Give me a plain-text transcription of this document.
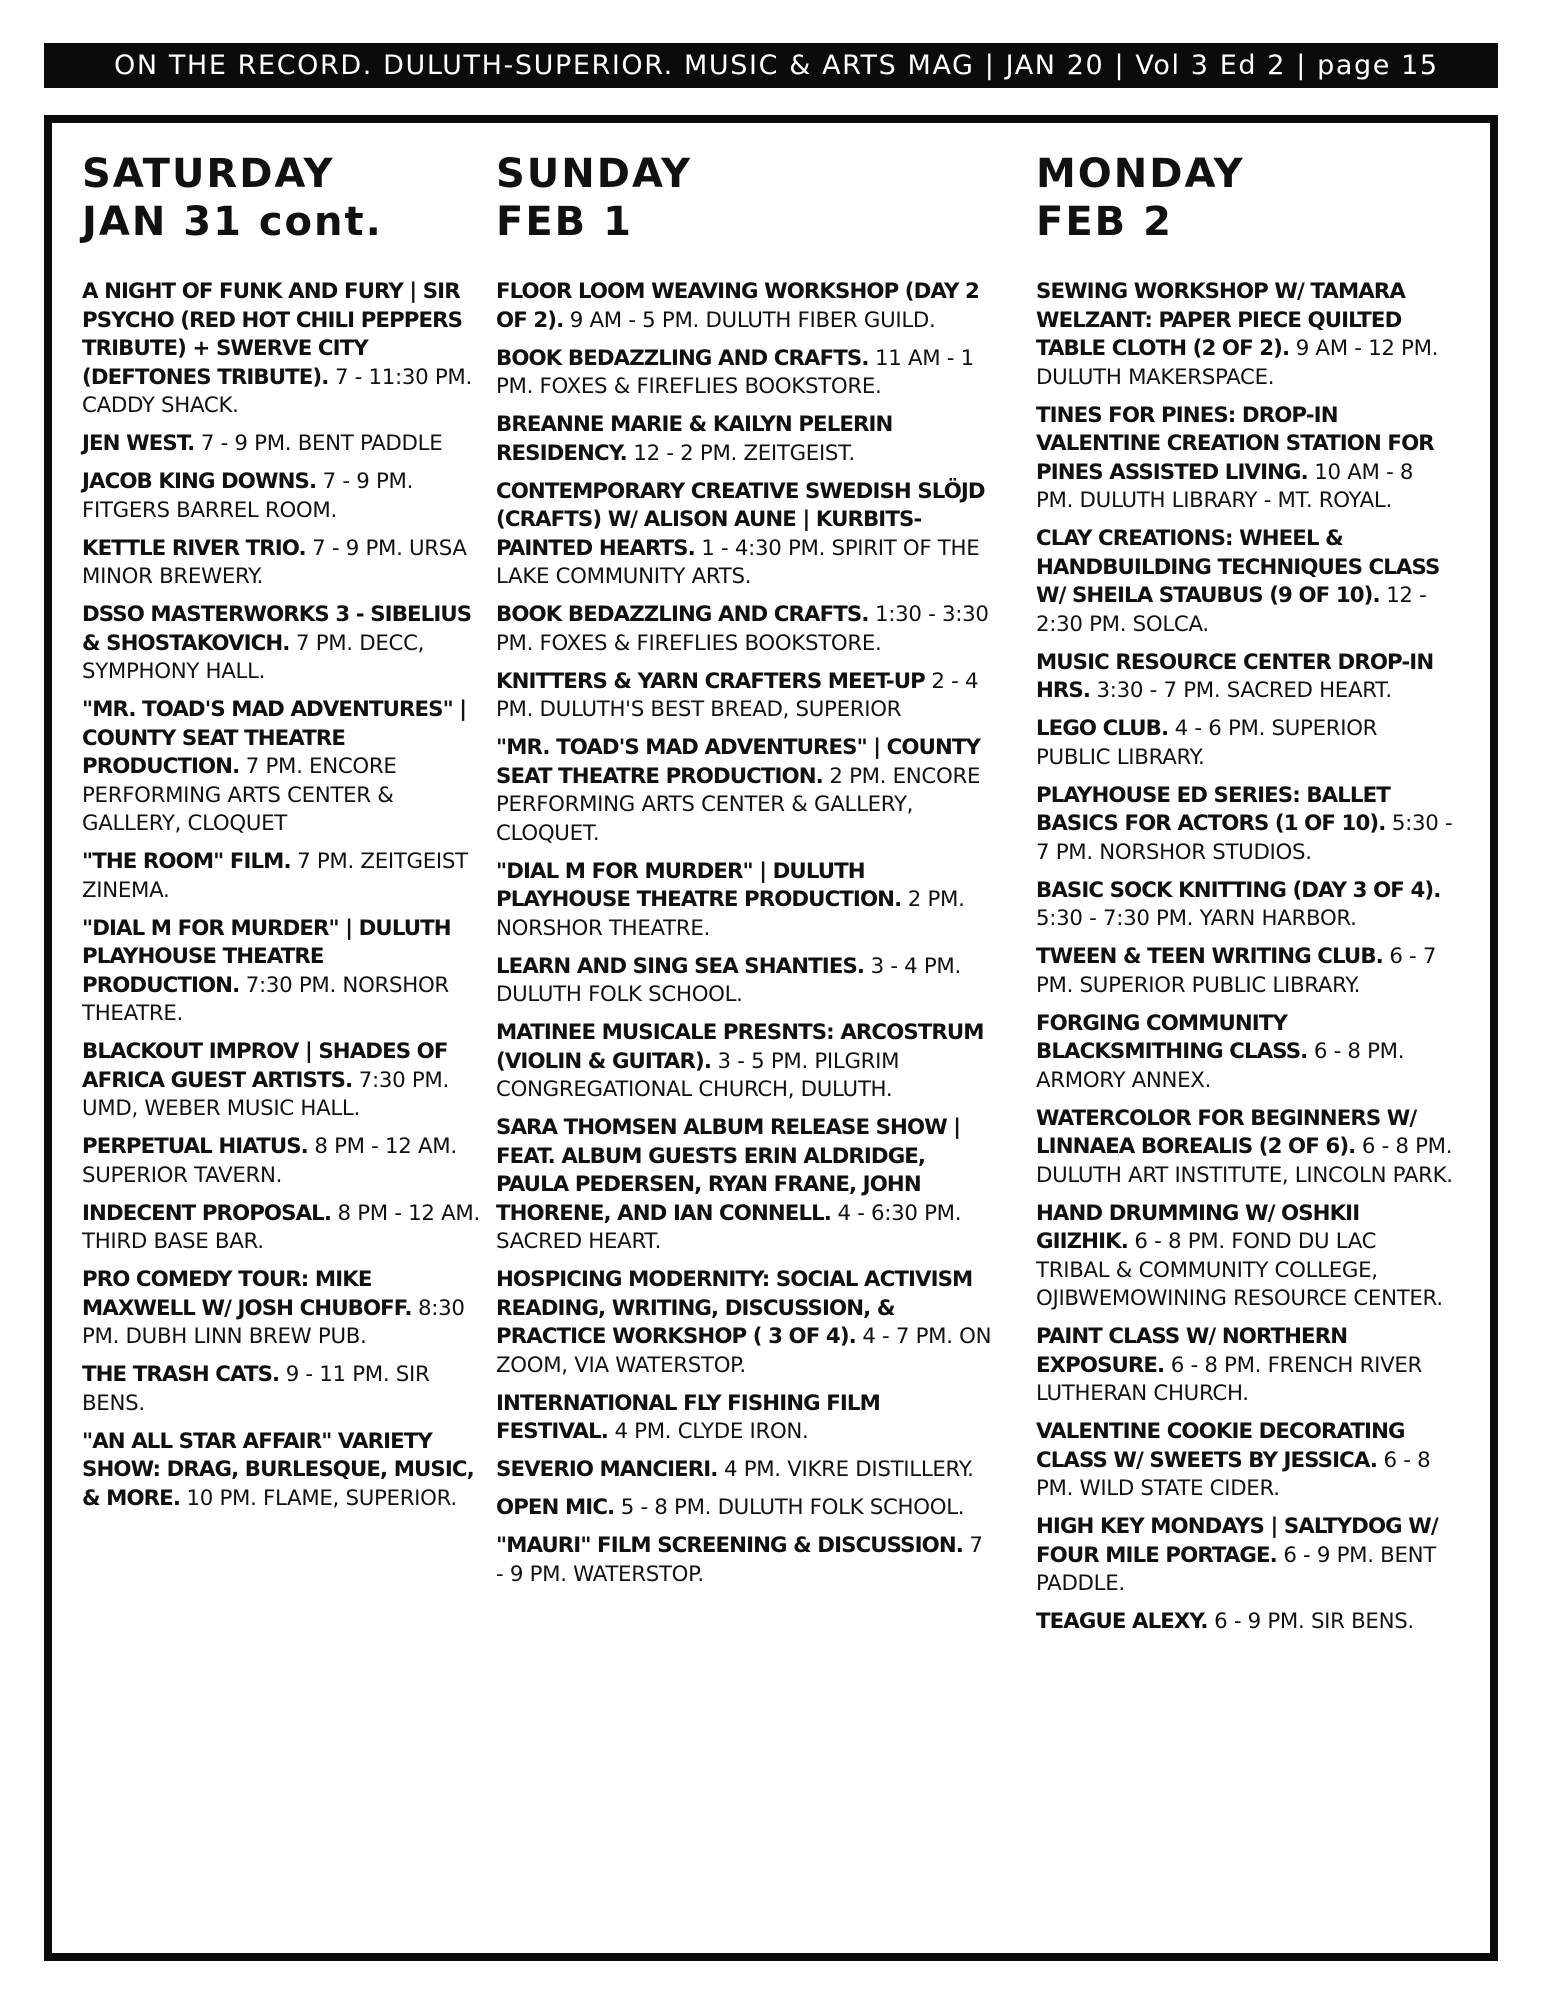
ON THE RECORD. DULUTH-SUPERIOR. MUSIC & ARTS MAG | JAN 20 | Vol 3 Ed 2 | page 15
SATURDAY
JAN 31 cont.

A NIGHT OF FUNK AND FURY | SIR PSYCHO (RED HOT CHILI PEPPERS TRIBUTE) + SWERVE CITY (DEFTONES TRIBUTE). 7 - 11:30 PM. CADDY SHACK.

JEN WEST. 7 - 9 PM. BENT PADDLE

JACOB KING DOWNS. 7 - 9 PM. FITGERS BARREL ROOM.

KETTLE RIVER TRIO. 7 - 9 PM. URSA MINOR BREWERY.

DSSO MASTERWORKS 3 - SIBELIUS & SHOSTAKOVICH. 7 PM. DECC, SYMPHONY HALL.

"MR. TOAD'S MAD ADVENTURES" | COUNTY SEAT THEATRE PRODUCTION. 7 PM. ENCORE PERFORMING ARTS CENTER & GALLERY, CLOQUET

"THE ROOM" FILM. 7 PM. ZEITGEIST ZINEMA.

"DIAL M FOR MURDER" | DULUTH PLAYHOUSE THEATRE PRODUCTION. 7:30 PM. NORSHOR THEATRE.

BLACKOUT IMPROV | SHADES OF AFRICA GUEST ARTISTS. 7:30 PM. UMD, WEBER MUSIC HALL.

PERPETUAL HIATUS. 8 PM - 12 AM. SUPERIOR TAVERN.

INDECENT PROPOSAL. 8 PM - 12 AM. THIRD BASE BAR.

PRO COMEDY TOUR: MIKE MAXWELL W/ JOSH CHUBOFF. 8:30 PM. DUBH LINN BREW PUB.

THE TRASH CATS. 9 - 11 PM. SIR BENS.

"AN ALL STAR AFFAIR" VARIETY SHOW: DRAG, BURLESQUE, MUSIC, & MORE. 10 PM. FLAME, SUPERIOR.

SUNDAY
FEB 1

FLOOR LOOM WEAVING WORKSHOP (DAY 2 OF 2). 9 AM - 5 PM. DULUTH FIBER GUILD.

BOOK BEDAZZLING AND CRAFTS. 11 AM - 1 PM. FOXES & FIREFLIES BOOKSTORE.

BREANNE MARIE & KAILYN PELERIN RESIDENCY. 12 - 2 PM. ZEITGEIST.

CONTEMPORARY CREATIVE SWEDISH SLÖJD (CRAFTS) W/ ALISON AUNE | KURBITS-PAINTED HEARTS. 1 - 4:30 PM. SPIRIT OF THE LAKE COMMUNITY ARTS.

BOOK BEDAZZLING AND CRAFTS. 1:30 - 3:30 PM. FOXES & FIREFLIES BOOKSTORE.

KNITTERS & YARN CRAFTERS MEET-UP 2 - 4 PM. DULUTH'S BEST BREAD, SUPERIOR

"MR. TOAD'S MAD ADVENTURES" | COUNTY SEAT THEATRE PRODUCTION. 2 PM. ENCORE PERFORMING ARTS CENTER & GALLERY, CLOQUET.

"DIAL M FOR MURDER" | DULUTH PLAYHOUSE THEATRE PRODUCTION. 2 PM. NORSHOR THEATRE.

LEARN AND SING SEA SHANTIES. 3 - 4 PM. DULUTH FOLK SCHOOL.

MATINEE MUSICALE PRESNTS: ARCOSTRUM (VIOLIN & GUITAR). 3 - 5 PM. PILGRIM CONGREGATIONAL CHURCH, DULUTH.

SARA THOMSEN ALBUM RELEASE SHOW | FEAT. ALBUM GUESTS ERIN ALDRIDGE, PAULA PEDERSEN, RYAN FRANE, JOHN THORENE, AND IAN CONNELL. 4 - 6:30 PM. SACRED HEART.

HOSPICING MODERNITY: SOCIAL ACTIVISM READING, WRITING, DISCUSSION, & PRACTICE WORKSHOP ( 3 OF 4). 4 - 7 PM. ON ZOOM, VIA WATERSTOP.

INTERNATIONAL FLY FISHING FILM FESTIVAL. 4 PM. CLYDE IRON.

SEVERIO MANCIERI. 4 PM. VIKRE DISTILLERY.

OPEN MIC. 5 - 8 PM. DULUTH FOLK SCHOOL.

"MAURI" FILM SCREENING & DISCUSSION. 7 - 9 PM. WATERSTOP.

MONDAY
FEB 2

SEWING WORKSHOP W/ TAMARA WELZANT: PAPER PIECE QUILTED TABLE CLOTH (2 OF 2). 9 AM - 12 PM. DULUTH MAKERSPACE.

TINES FOR PINES: DROP-IN VALENTINE CREATION STATION FOR PINES ASSISTED LIVING. 10 AM - 8 PM. DULUTH LIBRARY - MT. ROYAL.

CLAY CREATIONS: WHEEL & HANDBUILDING TECHNIQUES CLASS W/ SHEILA STAUBUS (9 OF 10). 12 - 2:30 PM. SOLCA.

MUSIC RESOURCE CENTER DROP-IN HRS. 3:30 - 7 PM. SACRED HEART.

LEGO CLUB. 4 - 6 PM. SUPERIOR PUBLIC LIBRARY.

PLAYHOUSE ED SERIES: BALLET BASICS FOR ACTORS (1 OF 10). 5:30 - 7 PM. NORSHOR STUDIOS.

BASIC SOCK KNITTING (DAY 3 OF 4). 5:30 - 7:30 PM. YARN HARBOR.

TWEEN & TEEN WRITING CLUB. 6 - 7 PM. SUPERIOR PUBLIC LIBRARY.

FORGING COMMUNITY BLACKSMITHING CLASS. 6 - 8 PM. ARMORY ANNEX.

WATERCOLOR FOR BEGINNERS W/ LINNAEA BOREALIS (2 OF 6). 6 - 8 PM. DULUTH ART INSTITUTE, LINCOLN PARK.

HAND DRUMMING W/ OSHKII GIIZHIK. 6 - 8 PM. FOND DU LAC TRIBAL & COMMUNITY COLLEGE, OJIBWEMOWINING RESOURCE CENTER.

PAINT CLASS W/ NORTHERN EXPOSURE. 6 - 8 PM. FRENCH RIVER LUTHERAN CHURCH.

VALENTINE COOKIE DECORATING CLASS W/ SWEETS BY JESSICA. 6 - 8 PM. WILD STATE CIDER.

HIGH KEY MONDAYS | SALTYDOG W/ FOUR MILE PORTAGE. 6 - 9 PM. BENT PADDLE.

TEAGUE ALEXY. 6 - 9 PM. SIR BENS.
